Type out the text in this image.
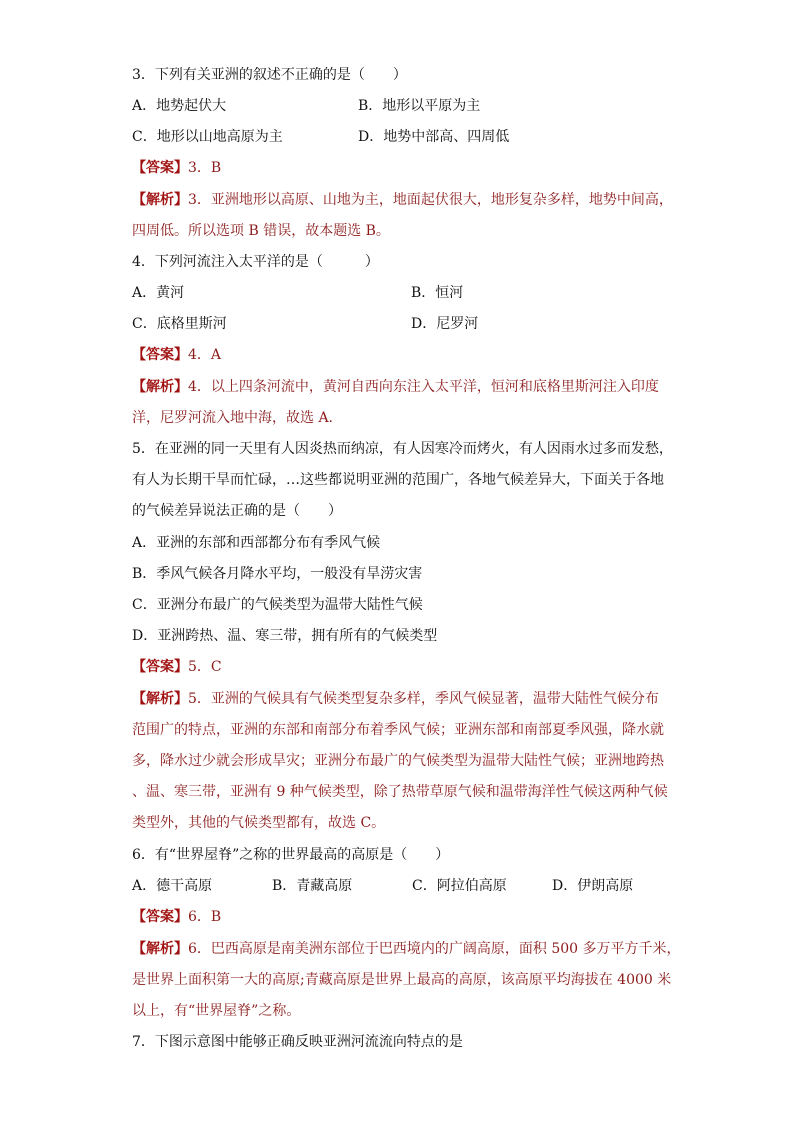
3．下列有关亚洲的叙述不正确的是（　　）
A．地势起伏大	B．地形以平原为主
C．地形以山地高原为主	D．地势中部高、四周低
【答案】3．B
【解析】3．亚洲地形以高原、山地为主，地面起伏很大，地形复杂多样，地势中间高，
四周低。所以选项 B 错误，故本题选 B。
4．下列河流注入太平洋的是（　　　）
A．黄河	B．恒河
C．底格里斯河	D．尼罗河
【答案】4．A
【解析】4．以上四条河流中，黄河自西向东注入太平洋，恒河和底格里斯河注入印度
洋，尼罗河流入地中海，故选 A.
5．在亚洲的同一天里有人因炎热而纳凉，有人因寒冷而烤火，有人因雨水过多而发愁，
有人为长期干旱而忙碌，…这些都说明亚洲的范围广，各地气候差异大，下面关于各地
的气候差异说法正确的是（　　）
A．亚洲的东部和西部都分布有季风气候
B．季风气候各月降水平均，一般没有旱涝灾害
C．亚洲分布最广的气候类型为温带大陆性气候
D．亚洲跨热、温、寒三带，拥有所有的气候类型
【答案】5．C
【解析】5．亚洲的气候具有气候类型复杂多样，季风气候显著，温带大陆性气候分布
范围广的特点，亚洲的东部和南部分布着季风气候；亚洲东部和南部夏季风强，降水就
多，降水过少就会形成旱灾；亚洲分布最广的气候类型为温带大陆性气候；亚洲地跨热
、温、寒三带，亚洲有 9 种气候类型，除了热带草原气候和温带海洋性气候这两种气候
类型外，其他的气候类型都有，故选 C。
6．有“世界屋脊”之称的世界最高的高原是（　　）
A．德干高原	B．青藏高原	C．阿拉伯高原	D．伊朗高原
【答案】6．B
【解析】6．巴西高原是南美洲东部位于巴西境内的广阔高原，面积 500 多万平方千米，
是世界上面积第一大的高原;青藏高原是世界上最高的高原，该高原平均海拔在 4000 米
以上，有“世界屋脊”之称。
7．下图示意图中能够正确反映亚洲河流流向特点的是
